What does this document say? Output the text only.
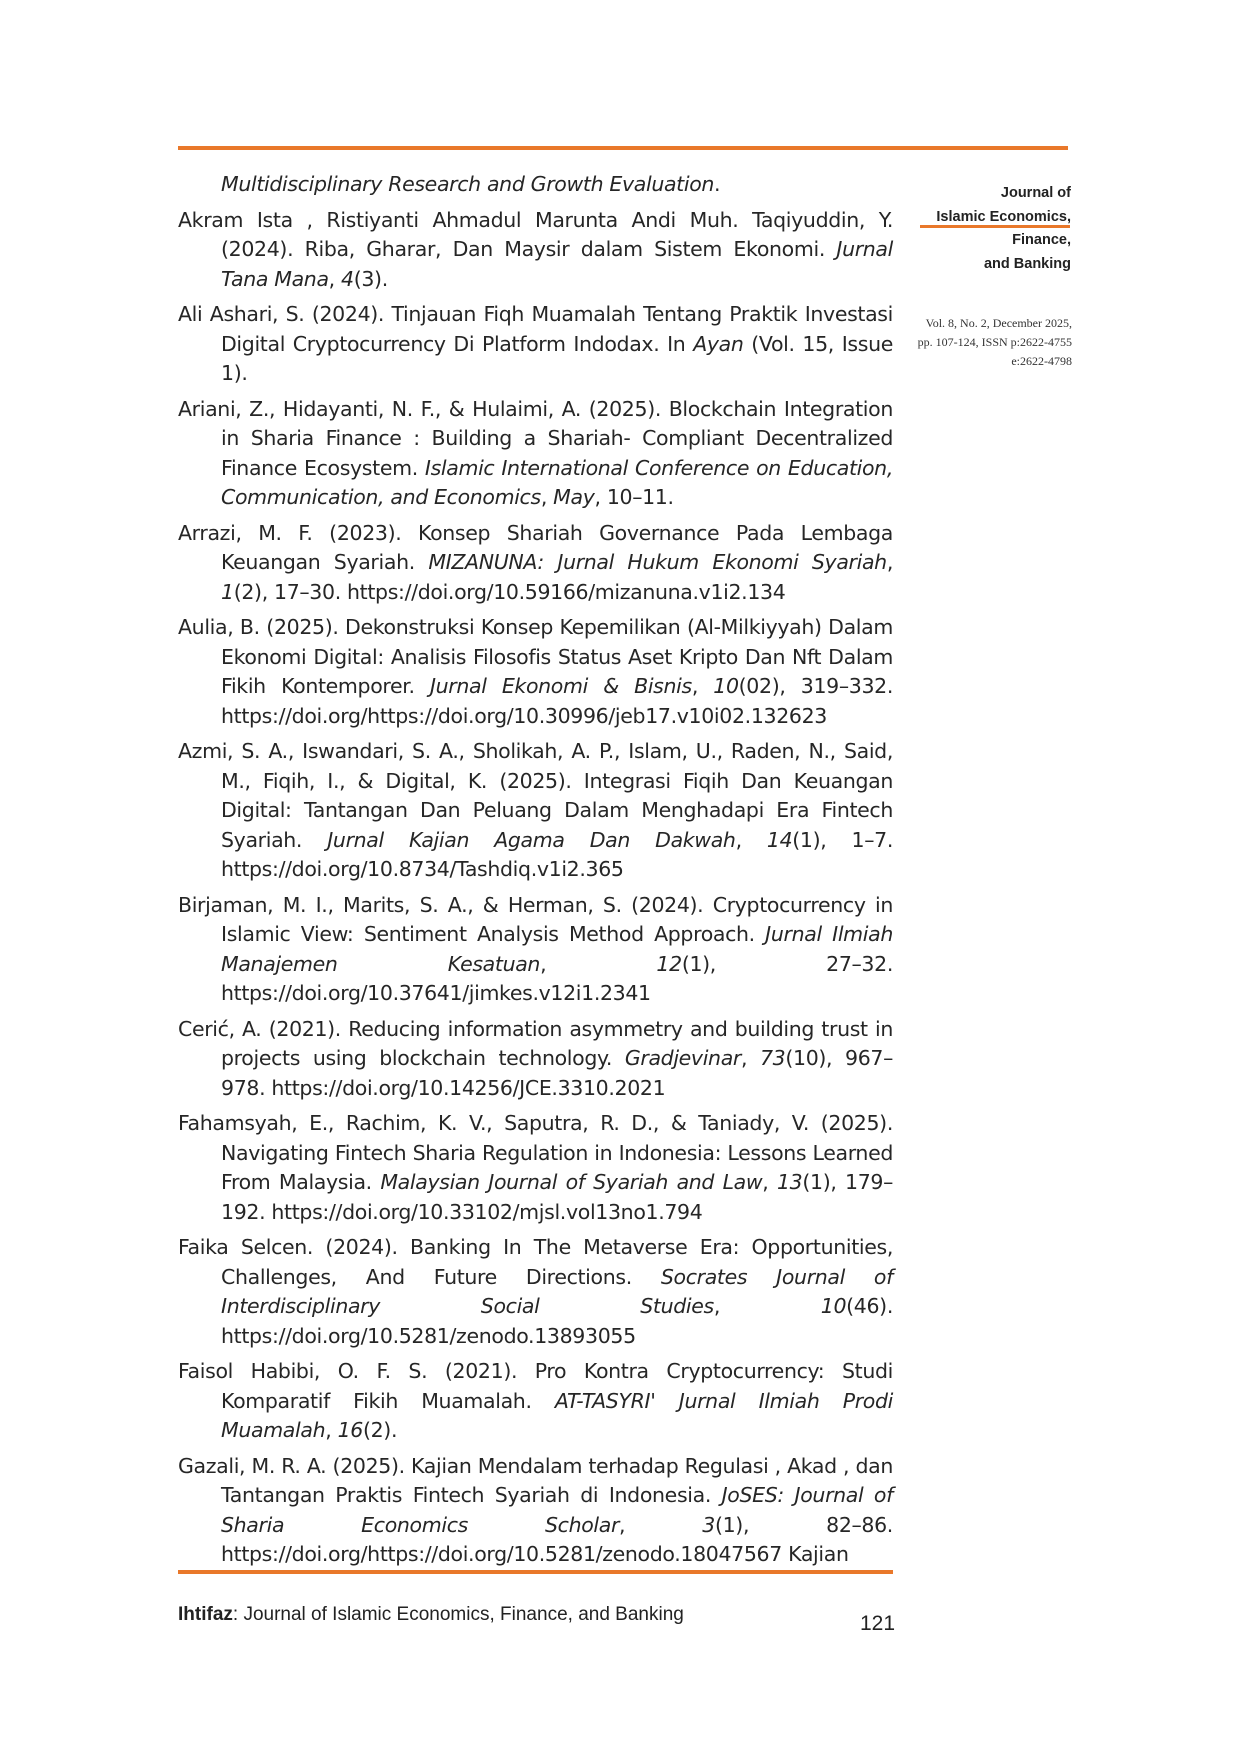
Multidisciplinary Research and Growth Evaluation.

Akram Ista , Ristiyanti Ahmadul Marunta Andi Muh. Taqiyuddin, Y. (2024). Riba, Gharar, Dan Maysir dalam Sistem Ekonomi. Jurnal Tana Mana, 4(3).

Ali Ashari, S. (2024). Tinjauan Fiqh Muamalah Tentang Praktik Investasi Digital Cryptocurrency Di Platform Indodax. In Ayan (Vol. 15, Issue 1).

Ariani, Z., Hidayanti, N. F., & Hulaimi, A. (2025). Blockchain Integration in Sharia Finance : Building a Shariah- Compliant Decentralized Finance Ecosystem. Islamic International Conference on Education, Communication, and Economics, May, 10–11.

Arrazi, M. F. (2023). Konsep Shariah Governance Pada Lembaga Keuangan Syariah. MIZANUNA: Jurnal Hukum Ekonomi Syariah, 1(2), 17–30. https://doi.org/10.59166/mizanuna.v1i2.134

Aulia, B. (2025). Dekonstruksi Konsep Kepemilikan (Al-Milkiyyah) Dalam Ekonomi Digital: Analisis Filosofis Status Aset Kripto Dan Nft Dalam Fikih Kontemporer. Jurnal Ekonomi & Bisnis, 10(02), 319–332. https://doi.org/https://doi.org/10.30996/jeb17.v10i02.132623

Azmi, S. A., Iswandari, S. A., Sholikah, A. P., Islam, U., Raden, N., Said, M., Fiqih, I., & Digital, K. (2025). Integrasi Fiqih Dan Keuangan Digital: Tantangan Dan Peluang Dalam Menghadapi Era Fintech Syariah. Jurnal Kajian Agama Dan Dakwah, 14(1), 1–7. https://doi.org/10.8734/Tashdiq.v1i2.365

Birjaman, M. I., Marits, S. A., & Herman, S. (2024). Cryptocurrency in Islamic View: Sentiment Analysis Method Approach. Jurnal Ilmiah Manajemen Kesatuan, 12(1), 27–32. https://doi.org/10.37641/jimkes.v12i1.2341

Cerić, A. (2021). Reducing information asymmetry and building trust in projects using blockchain technology. Gradjevinar, 73(10), 967–978. https://doi.org/10.14256/JCE.3310.2021

Fahamsyah, E., Rachim, K. V., Saputra, R. D., & Taniady, V. (2025). Navigating Fintech Sharia Regulation in Indonesia: Lessons Learned From Malaysia. Malaysian Journal of Syariah and Law, 13(1), 179–192. https://doi.org/10.33102/mjsl.vol13no1.794

Faika Selcen. (2024). Banking In The Metaverse Era: Opportunities, Challenges, And Future Directions. Socrates Journal of Interdisciplinary Social Studies, 10(46). https://doi.org/10.5281/zenodo.13893055

Faisol Habibi, O. F. S. (2021). Pro Kontra Cryptocurrency: Studi Komparatif Fikih Muamalah. AT-TASYRI' Jurnal Ilmiah Prodi Muamalah, 16(2).

Gazali, M. R. A. (2025). Kajian Mendalam terhadap Regulasi , Akad , dan Tantangan Praktis Fintech Syariah di Indonesia. JoSES: Journal of Sharia Economics Scholar, 3(1), 82–86. https://doi.org/https://doi.org/10.5281/zenodo.18047567 Kajian

Journal of
Islamic Economics,
Finance,
and Banking
Vol. 8, No. 2, December 2025,
pp. 107-124, ISSN p:2622-4755
e:2622-4798
Ihtifaz: Journal of Islamic Economics, Finance, and Banking	121
